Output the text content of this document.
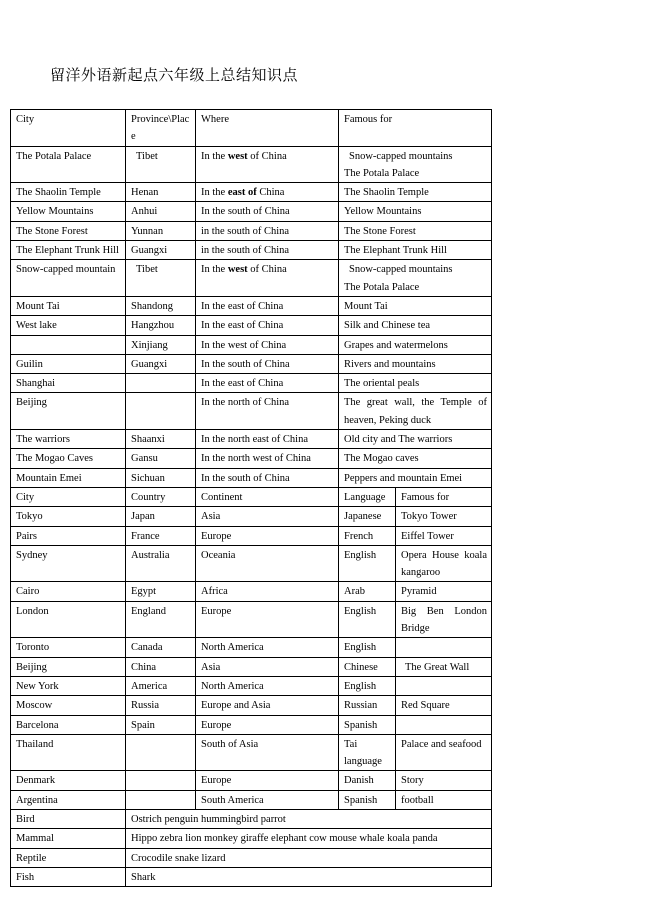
留洋外语新起点六年级上总结知识点
City	Province\Place	Where	Famous for	
The Potala Palace	Tibet	In the west of China	Snow-capped mountains
The Potala Palace	

The Shaolin Temple	Henan	In the east of China	The Shaolin Temple	

Yellow Mountains	Anhui	In the south of China	Yellow Mountains	

The Stone Forest	Yunnan	in the south of China	The Stone Forest	

The Elephant Trunk Hill	Guangxi	in the south of China	The Elephant Trunk Hill	

Snow-capped mountain	Tibet	In the west of China	Snow-capped mountains
The Potala Palace	

Mount Tai	Shandong	In the east of China	Mount Tai	

West lake	Hangzhou	In the east of China	Silk and Chinese tea	

	Xinjiang	In the west of China	Grapes and watermelons	

Guilin	Guangxi	In the south of China	Rivers and mountains	

Shanghai		In the east of China	The oriental peals	

Beijing		In the north of China	The great wall, the Temple of heaven, Peking duck	

The warriors	Shaanxi	In the north east of China	Old city and The warriors	

The Mogao Caves	Gansu	In the north west of China	The Mogao caves	

Mountain Emei	Sichuan	In the south of China	Peppers and mountain Emei	

City	Country	Continent	Language	Famous for
Tokyo	Japan	Asia	Japanese	Tokyo Tower
Pairs	France	Europe	French	Eiffel Tower
Sydney	Australia	Oceania	English	Opera House koala kangaroo
Cairo	Egypt	Africa	Arab	Pyramid
London	England	Europe	English	Big Ben London Bridge
Toronto	Canada	North America	English	
Beijing	China	Asia	Chinese	The Great Wall
New York	America	North America	English	
Moscow	Russia	Europe and Asia	Russian	Red Square
Barcelona	Spain	Europe	Spanish	
Thailand		South of Asia	Tai language	Palace and seafood
Denmark		Europe	Danish	Story
Argentina		South America	Spanish	football
Bird	Ostrich penguin hummingbird parrot			
Mammal	Hippo zebra lion monkey giraffe elephant cow mouse whale koala panda			
Reptile	Crocodile snake lizard			
Fish	Shark			
